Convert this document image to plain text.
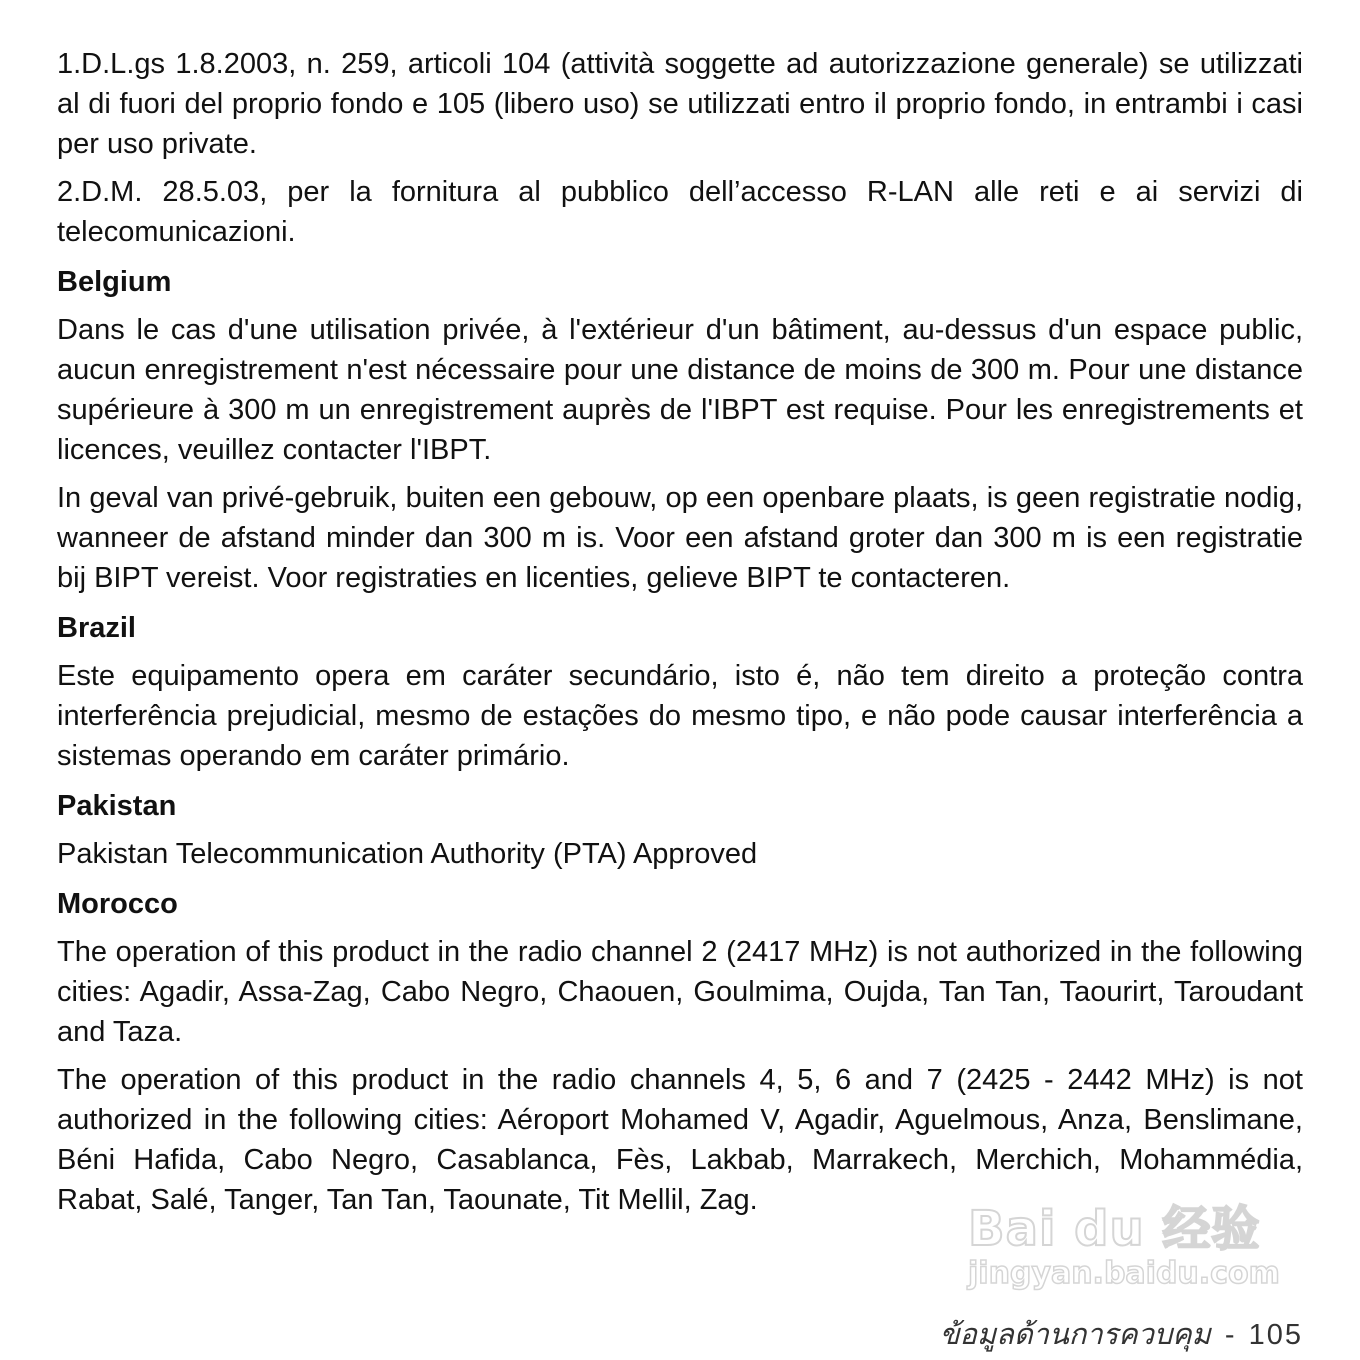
1.D.L.gs 1.8.2003, n. 259, articoli 104 (attività soggette ad autorizzazione generale) se utilizzati al di fuori del proprio fondo e 105 (libero uso) se utilizzati entro il proprio fondo, in entrambi i casi per uso private.

2.D.M. 28.5.03, per la fornitura al pubblico dell’accesso R-LAN alle reti e ai servizi di telecomunicazioni.

Belgium

Dans le cas d'une utilisation privée, à l'extérieur d'un bâtiment, au-dessus d'un espace public, aucun enregistrement n'est nécessaire pour une distance de moins de 300 m. Pour une distance supérieure à 300 m un enregistrement auprès de l'IBPT est requise. Pour les enregistrements et licences, veuillez contacter l'IBPT.

In geval van privé-gebruik, buiten een gebouw, op een openbare plaats, is geen registratie nodig, wanneer de afstand minder dan 300 m is. Voor een afstand groter dan 300 m is een registratie bij BIPT vereist. Voor registraties en licenties, gelieve BIPT te contacteren.

Brazil

Este equipamento opera em caráter secundário, isto é, não tem direito a proteção contra interferência prejudicial, mesmo de estações do mesmo tipo, e não pode causar interferência a sistemas operando em caráter primário.

Pakistan

Pakistan Telecommunication Authority (PTA) Approved

Morocco

The operation of this product in the radio channel 2 (2417 MHz) is not authorized in the following cities: Agadir, Assa-Zag, Cabo Negro, Chaouen, Goulmima, Oujda, Tan Tan, Taourirt, Taroudant and Taza.

The operation of this product in the radio channels 4, 5, 6 and 7 (2425 - 2442 MHz) is not authorized in the following cities: Aéroport Mohamed V, Agadir, Aguelmous, Anza, Benslimane, Béni Hafida, Cabo Negro, Casablanca, Fès, Lakbab, Marrakech, Merchich, Mohammédia, Rabat, Salé, Tanger, Tan Tan, Taounate, Tit Mellil, Zag.

Bai du 经验
jingyan.baidu.com
ข้อมูลด้านการควบคุม - 105
